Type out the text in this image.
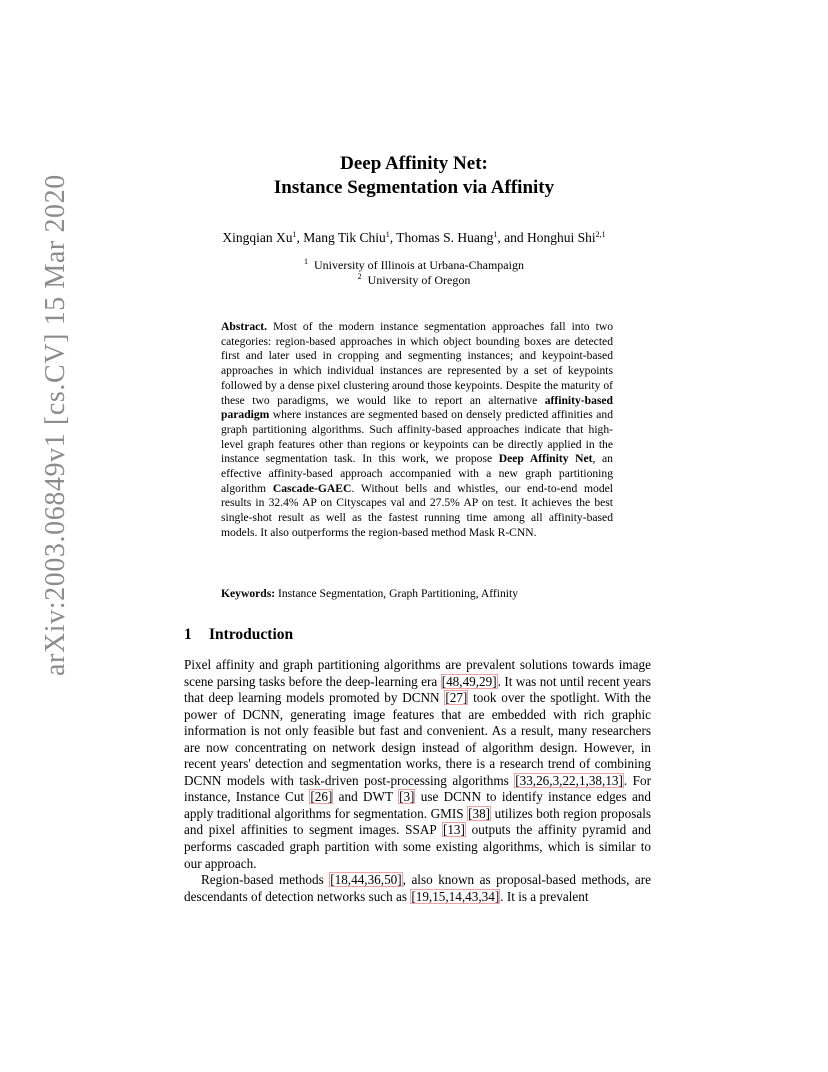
arXiv:2003.06849v1 [cs.CV] 15 Mar 2020
Deep Affinity Net:
Instance Segmentation via Affinity
Xingqian Xu$^1$, Mang Tik Chiu$^1$, Thomas S. Huang$^1$, and Honghui Shi$^{2,1}$
$^1$ University of Illinois at Urbana-Champaign
$^2$ University of Oregon
Abstract. Most of the modern instance segmentation approaches fall into two categories: region-based approaches in which object bounding boxes are detected first and later used in cropping and segmenting instances; and keypoint-based approaches in which individual instances are represented by a set of keypoints followed by a dense pixel clustering around those keypoints. Despite the maturity of these two paradigms, we would like to report an alternative affinity-based paradigm where instances are segmented based on densely predicted affinities and graph partitioning algorithms. Such affinity-based approaches indicate that high-level graph features other than regions or keypoints can be directly applied in the instance segmentation task. In this work, we propose Deep Affinity Net, an effective affinity-based approach accompanied with a new graph partitioning algorithm Cascade-GAEC. Without bells and whistles, our end-to-end model results in 32.4% AP on Cityscapes val and 27.5% AP on test. It achieves the best single-shot result as well as the fastest running time among all affinity-based models. It also outperforms the region-based method Mask R-CNN.
Keywords: Instance Segmentation, Graph Partitioning, Affinity
1 Introduction

Pixel affinity and graph partitioning algorithms are prevalent solutions towards image scene parsing tasks before the deep-learning era [48,49,29]. It was not until recent years that deep learning models promoted by DCNN [27] took over the spotlight. With the power of DCNN, generating image features that are embedded with rich graphic information is not only feasible but fast and convenient. As a result, many researchers are now concentrating on network design instead of algorithm design. However, in recent years' detection and segmentation works, there is a research trend of combining DCNN models with task-driven post-processing algorithms [33,26,3,22,1,38,13]. For instance, Instance Cut [26] and DWT [3] use DCNN to identify instance edges and apply traditional algorithms for segmentation. GMIS [38] utilizes both region proposals and pixel affinities to segment images. SSAP [13] outputs the affinity pyramid and performs cascaded graph partition with some existing algorithms, which is similar to our approach.

Region-based methods [18,44,36,50], also known as proposal-based methods, are descendants of detection networks such as [19,15,14,43,34]. It is a prevalent
